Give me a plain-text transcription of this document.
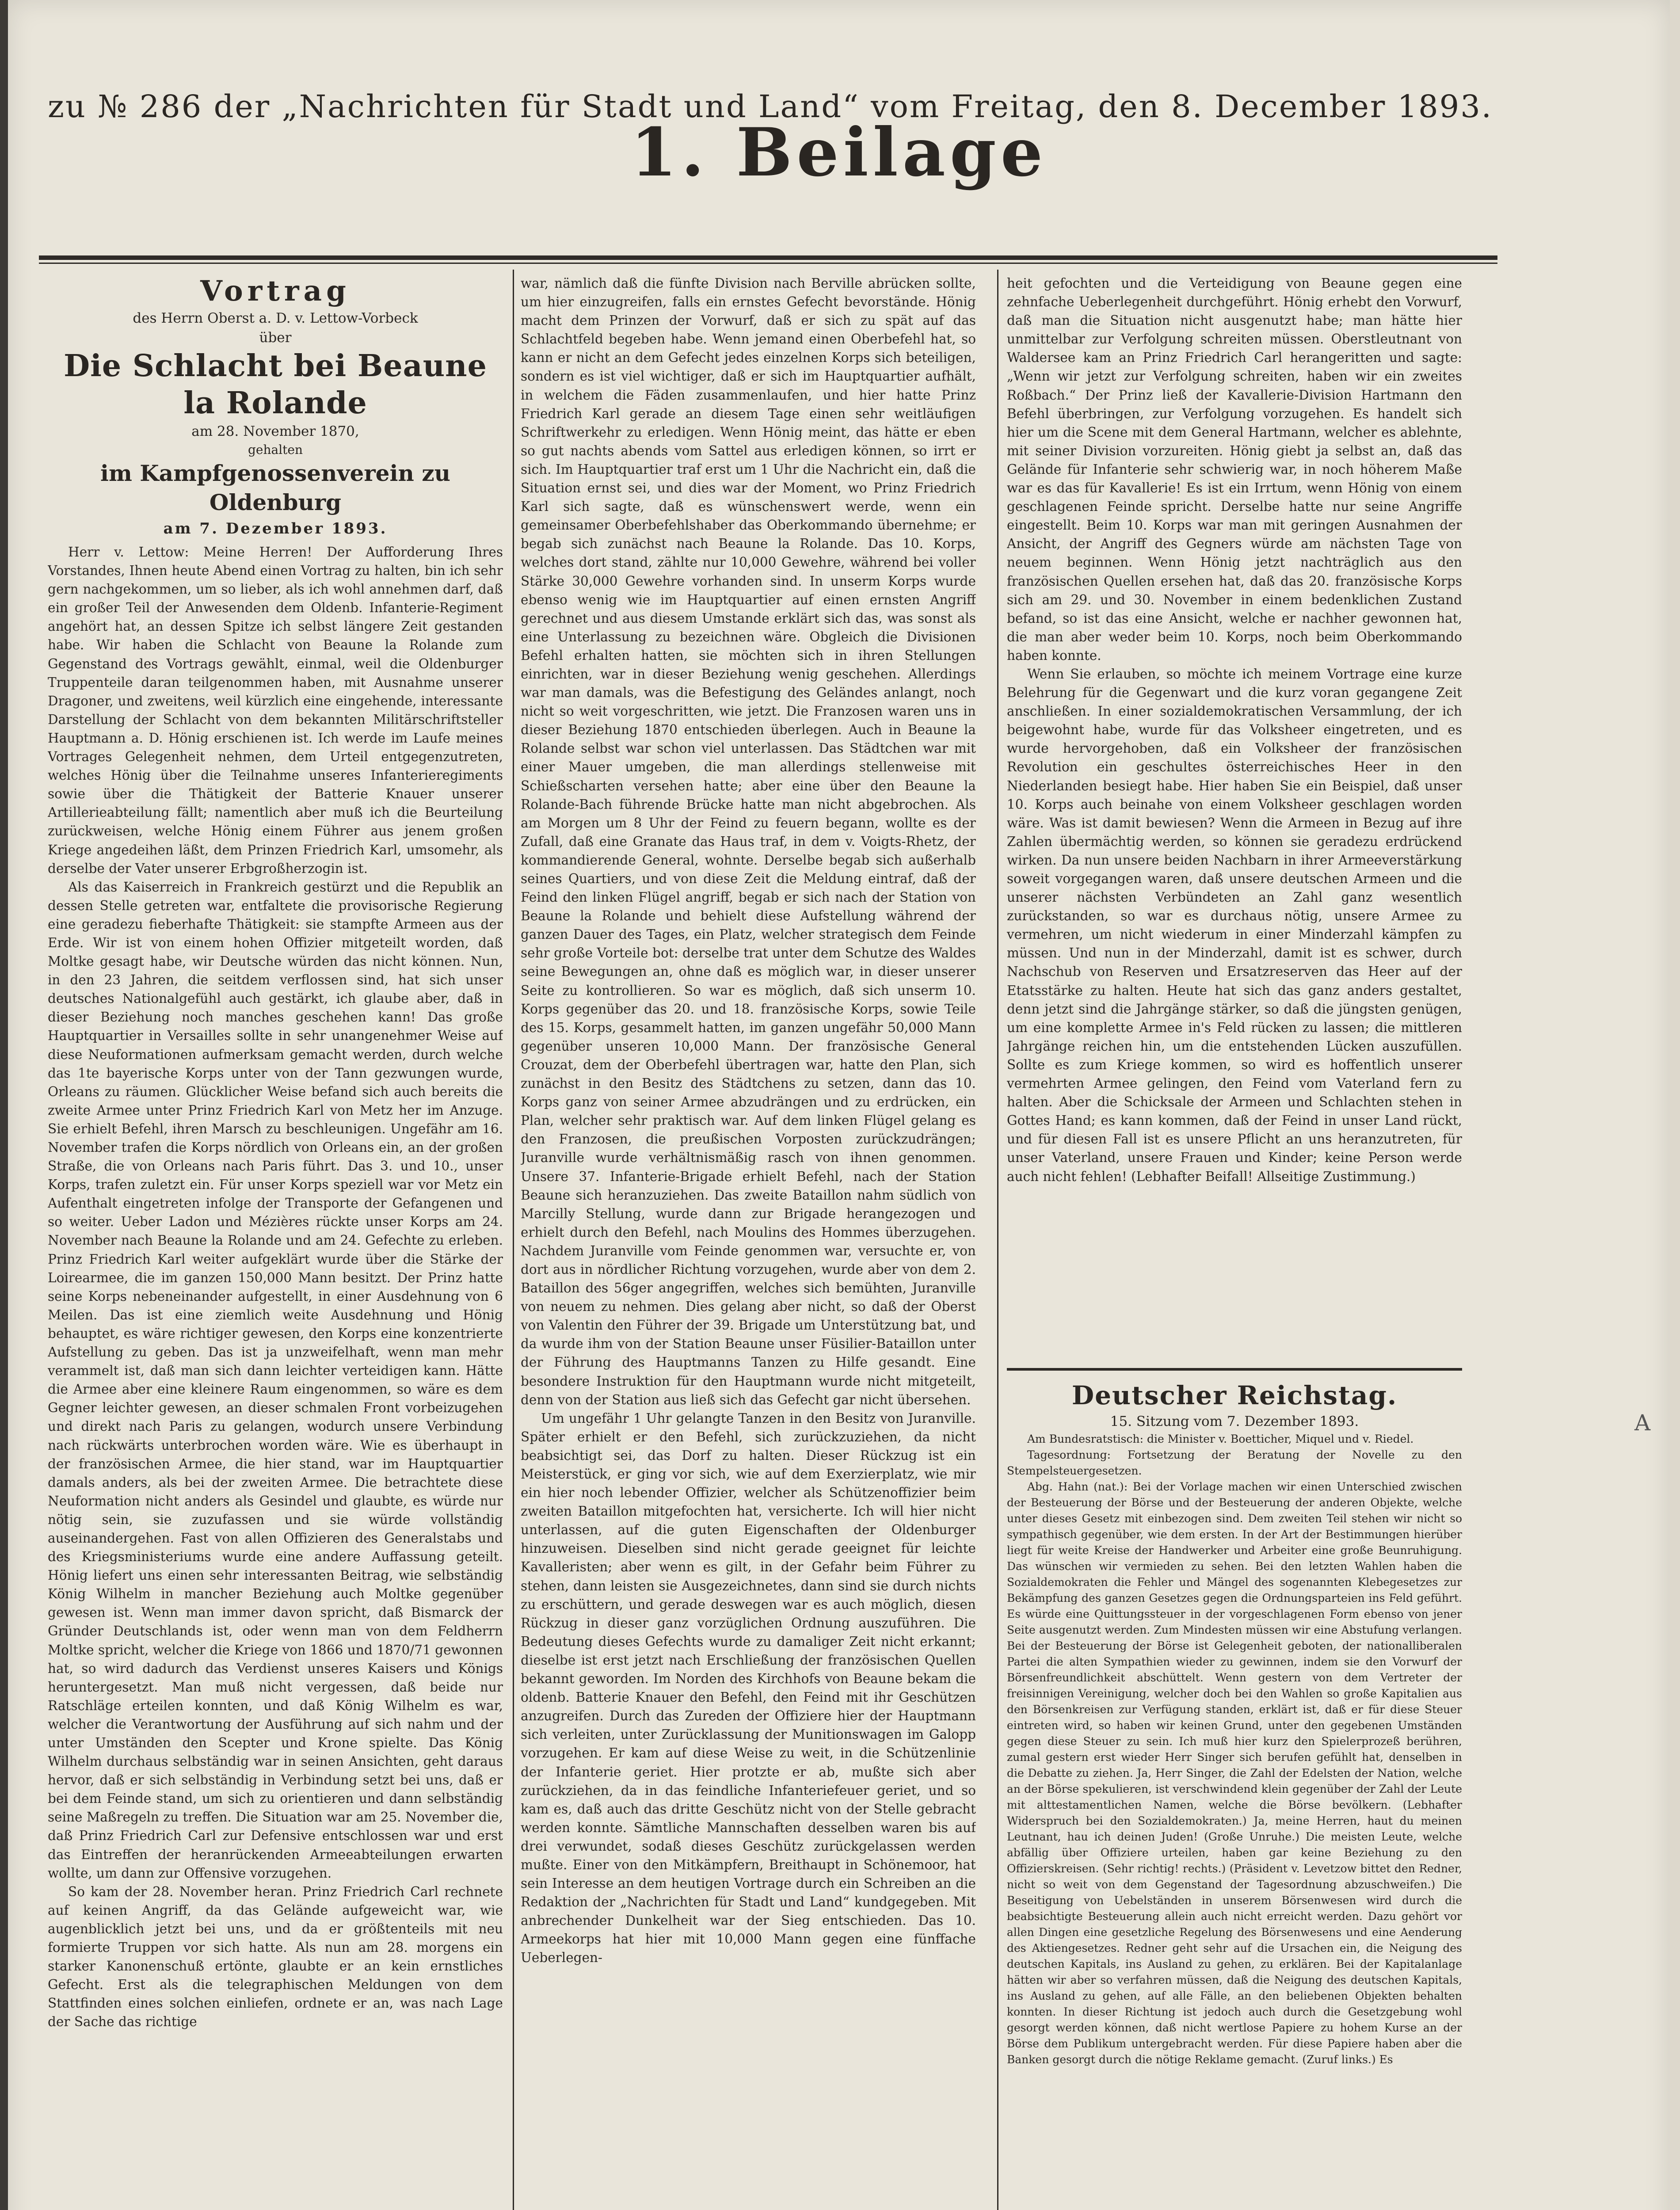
1. Beilage
zu № 286 der „Nachrichten für Stadt und Land“ vom Freitag, den 8. December 1893.
Vortrag
des Herrn Oberst a. D. v. Lettow-Vorbeck
über
Die Schlacht bei Beaune la Rolande
am 28. November 1870,
gehalten
im Kampfgenossenverein zu Oldenburg
am 7. Dezember 1893.

Herr v. Lettow: Meine Herren! Der Aufforderung Ihres Vorstandes, Ihnen heute Abend einen Vortrag zu halten, bin ich sehr gern nachgekommen, um so lieber, als ich wohl annehmen darf, daß ein großer Teil der Anwesenden dem Oldenb. Infanterie-Regiment angehört hat, an dessen Spitze ich selbst längere Zeit gestanden habe. Wir haben die Schlacht von Beaune la Rolande zum Gegenstand des Vortrags gewählt, einmal, weil die Oldenburger Truppenteile daran teilgenommen haben, mit Ausnahme unserer Dragoner, und zweitens, weil kürzlich eine eingehende, interessante Darstellung der Schlacht von dem bekannten Militärschriftsteller Hauptmann a. D. Hönig erschienen ist. Ich werde im Laufe meines Vortrages Gelegenheit nehmen, dem Urteil entgegenzutreten, welches Hönig über die Teilnahme unseres Infanterieregiments sowie über die Thätigkeit der Batterie Knauer unserer Artillerieabteilung fällt; namentlich aber muß ich die Beurteilung zurückweisen, welche Hönig einem Führer aus jenem großen Kriege angedeihen läßt, dem Prinzen Friedrich Karl, umsomehr, als derselbe der Vater unserer Erbgroßherzogin ist.

Als das Kaiserreich in Frankreich gestürzt und die Republik an dessen Stelle getreten war, entfaltete die provisorische Regierung eine geradezu fieberhafte Thätigkeit: sie stampfte Armeen aus der Erde. Wir ist von einem hohen Offizier mitgeteilt worden, daß Moltke gesagt habe, wir Deutsche würden das nicht können. Nun, in den 23 Jahren, die seitdem verflossen sind, hat sich unser deutsches Nationalgefühl auch gestärkt, ich glaube aber, daß in dieser Beziehung noch manches geschehen kann! Das große Hauptquartier in Versailles sollte in sehr unangenehmer Weise auf diese Neuformationen aufmerksam gemacht werden, durch welche das 1te bayerische Korps unter von der Tann gezwungen wurde, Orleans zu räumen. Glücklicher Weise befand sich auch bereits die zweite Armee unter Prinz Friedrich Karl von Metz her im Anzuge. Sie erhielt Befehl, ihren Marsch zu beschleunigen. Ungefähr am 16. November trafen die Korps nördlich von Orleans ein, an der großen Straße, die von Orleans nach Paris führt. Das 3. und 10., unser Korps, trafen zuletzt ein. Für unser Korps speziell war vor Metz ein Aufenthalt eingetreten infolge der Transporte der Gefangenen und so weiter. Ueber Ladon und Mézières rückte unser Korps am 24. November nach Beaune la Rolande und am 24. Gefechte zu erleben. Prinz Friedrich Karl weiter aufgeklärt wurde über die Stärke der Loirearmee, die im ganzen 150,000 Mann besitzt. Der Prinz hatte seine Korps nebeneinander aufgestellt, in einer Ausdehnung von 6 Meilen. Das ist eine ziemlich weite Ausdehnung und Hönig behauptet, es wäre richtiger gewesen, den Korps eine konzentrierte Aufstellung zu geben. Das ist ja unzweifelhaft, wenn man mehr verammelt ist, daß man sich dann leichter verteidigen kann. Hätte die Armee aber eine kleinere Raum eingenommen, so wäre es dem Gegner leichter gewesen, an dieser schmalen Front vorbeizugehen und direkt nach Paris zu gelangen, wodurch unsere Verbindung nach rückwärts unterbrochen worden wäre. Wie es überhaupt in der französischen Armee, die hier stand, war im Hauptquartier damals anders, als bei der zweiten Armee. Die betrachtete diese Neuformation nicht anders als Gesindel und glaubte, es würde nur nötig sein, sie zuzufassen und sie würde vollständig auseinandergehen. Fast von allen Offizieren des Generalstabs und des Kriegsministeriums wurde eine andere Auffassung geteilt. Hönig liefert uns einen sehr interessanten Beitrag, wie selbständig König Wilhelm in mancher Beziehung auch Moltke gegenüber gewesen ist. Wenn man immer davon spricht, daß Bismarck der Gründer Deutschlands ist, oder wenn man von dem Feldherrn Moltke spricht, welcher die Kriege von 1866 und 1870/71 gewonnen hat, so wird dadurch das Verdienst unseres Kaisers und Königs heruntergesetzt. Man muß nicht vergessen, daß beide nur Ratschläge erteilen konnten, und daß König Wilhelm es war, welcher die Verantwortung der Ausführung auf sich nahm und der unter Umständen den Scepter und Krone spielte. Das König Wilhelm durchaus selbständig war in seinen Ansichten, geht daraus hervor, daß er sich selbständig in Verbindung setzt bei uns, daß er bei dem Feinde stand, um sich zu orientieren und dann selbständig seine Maßregeln zu treffen. Die Situation war am 25. November die, daß Prinz Friedrich Carl zur Defensive entschlossen war und erst das Eintreffen der heranrückenden Armeeabteilungen erwarten wollte, um dann zur Offensive vorzugehen.

So kam der 28. November heran. Prinz Friedrich Carl rechnete auf keinen Angriff, da das Gelände aufgeweicht war, wie augenblicklich jetzt bei uns, und da er größtenteils mit neu formierte Truppen vor sich hatte. Als nun am 28. morgens ein starker Kanonenschuß ertönte, glaubte er an kein ernstliches Gefecht. Erst als die telegraphischen Meldungen von dem Stattfinden eines solchen einliefen, ordnete er an, was nach Lage der Sache das richtige

war, nämlich daß die fünfte Division nach Berville abrücken sollte, um hier einzugreifen, falls ein ernstes Gefecht bevorstände. Hönig macht dem Prinzen der Vorwurf, daß er sich zu spät auf das Schlachtfeld begeben habe. Wenn jemand einen Oberbefehl hat, so kann er nicht an dem Gefecht jedes einzelnen Korps sich beteiligen, sondern es ist viel wichtiger, daß er sich im Hauptquartier aufhält, in welchem die Fäden zusammenlaufen, und hier hatte Prinz Friedrich Karl gerade an diesem Tage einen sehr weitläufigen Schriftwerkehr zu erledigen. Wenn Hönig meint, das hätte er eben so gut nachts abends vom Sattel aus erledigen können, so irrt er sich. Im Hauptquartier traf erst um 1 Uhr die Nachricht ein, daß die Situation ernst sei, und dies war der Moment, wo Prinz Friedrich Karl sich sagte, daß es wünschenswert werde, wenn ein gemeinsamer Oberbefehlshaber das Oberkommando übernehme; er begab sich zunächst nach Beaune la Rolande. Das 10. Korps, welches dort stand, zählte nur 10,000 Gewehre, während bei voller Stärke 30,000 Gewehre vorhanden sind. In unserm Korps wurde ebenso wenig wie im Hauptquartier auf einen ernsten Angriff gerechnet und aus diesem Umstande erklärt sich das, was sonst als eine Unterlassung zu bezeichnen wäre. Obgleich die Divisionen Befehl erhalten hatten, sie möchten sich in ihren Stellungen einrichten, war in dieser Beziehung wenig geschehen. Allerdings war man damals, was die Befestigung des Geländes anlangt, noch nicht so weit vorgeschritten, wie jetzt. Die Franzosen waren uns in dieser Beziehung 1870 entschieden überlegen. Auch in Beaune la Rolande selbst war schon viel unterlassen. Das Städtchen war mit einer Mauer umgeben, die man allerdings stellenweise mit Schießscharten versehen hatte; aber eine über den Beaune la Rolande-Bach führende Brücke hatte man nicht abgebrochen. Als am Morgen um 8 Uhr der Feind zu feuern begann, wollte es der Zufall, daß eine Granate das Haus traf, in dem v. Voigts-Rhetz, der kommandierende General, wohnte. Derselbe begab sich außerhalb seines Quartiers, und von diese Zeit die Meldung eintraf, daß der Feind den linken Flügel angriff, begab er sich nach der Station von Beaune la Rolande und behielt diese Aufstellung während der ganzen Dauer des Tages, ein Platz, welcher strategisch dem Feinde sehr große Vorteile bot: derselbe trat unter dem Schutze des Waldes seine Bewegungen an, ohne daß es möglich war, in dieser unserer Seite zu kontrollieren. So war es möglich, daß sich unserm 10. Korps gegenüber das 20. und 18. französische Korps, sowie Teile des 15. Korps, gesammelt hatten, im ganzen ungefähr 50,000 Mann gegenüber unseren 10,000 Mann. Der französische General Crouzat, dem der Oberbefehl übertragen war, hatte den Plan, sich zunächst in den Besitz des Städtchens zu setzen, dann das 10. Korps ganz von seiner Armee abzudrängen und zu erdrücken, ein Plan, welcher sehr praktisch war. Auf dem linken Flügel gelang es den Franzosen, die preußischen Vorposten zurückzudrängen; Juranville wurde verhältnismäßig rasch von ihnen genommen. Unsere 37. Infanterie-Brigade erhielt Befehl, nach der Station Beaune sich heranzuziehen. Das zweite Bataillon nahm südlich von Marcilly Stellung, wurde dann zur Brigade herangezogen und erhielt durch den Befehl, nach Moulins des Hommes überzugehen. Nachdem Juranville vom Feinde genommen war, versuchte er, von dort aus in nördlicher Richtung vorzugehen, wurde aber von dem 2. Bataillon des 56ger angegriffen, welches sich bemühten, Juranville von neuem zu nehmen. Dies gelang aber nicht, so daß der Oberst von Valentin den Führer der 39. Brigade um Unterstützung bat, und da wurde ihm von der Station Beaune unser Füsilier-Bataillon unter der Führung des Hauptmanns Tanzen zu Hilfe gesandt. Eine besondere Instruktion für den Hauptmann wurde nicht mitgeteilt, denn von der Station aus ließ sich das Gefecht gar nicht übersehen.

Um ungefähr 1 Uhr gelangte Tanzen in den Besitz von Juranville. Später erhielt er den Befehl, sich zurückzuziehen, da nicht beabsichtigt sei, das Dorf zu halten. Dieser Rückzug ist ein Meisterstück, er ging vor sich, wie auf dem Exerzierplatz, wie mir ein hier noch lebender Offizier, welcher als Schützenoffizier beim zweiten Bataillon mitgefochten hat, versicherte. Ich will hier nicht unterlassen, auf die guten Eigenschaften der Oldenburger hinzuweisen. Dieselben sind nicht gerade geeignet für leichte Kavalleristen; aber wenn es gilt, in der Gefahr beim Führer zu stehen, dann leisten sie Ausgezeichnetes, dann sind sie durch nichts zu erschüttern, und gerade deswegen war es auch möglich, diesen Rückzug in dieser ganz vorzüglichen Ordnung auszuführen. Die Bedeutung dieses Gefechts wurde zu damaliger Zeit nicht erkannt; dieselbe ist erst jetzt nach Erschließung der französischen Quellen bekannt geworden. Im Norden des Kirchhofs von Beaune bekam die oldenb. Batterie Knauer den Befehl, den Feind mit ihr Geschützen anzugreifen. Durch das Zureden der Offiziere hier der Hauptmann sich verleiten, unter Zurücklassung der Munitionswagen im Galopp vorzugehen. Er kam auf diese Weise zu weit, in die Schützenlinie der Infanterie geriet. Hier protzte er ab, mußte sich aber zurückziehen, da in das feindliche Infanteriefeuer geriet, und so kam es, daß auch das dritte Geschütz nicht von der Stelle gebracht werden konnte. Sämtliche Mannschaften desselben waren bis auf drei verwundet, sodaß dieses Geschütz zurückgelassen werden mußte. Einer von den Mitkämpfern, Breithaupt in Schönemoor, hat sein Interesse an dem heutigen Vortrage durch ein Schreiben an die Redaktion der „Nachrichten für Stadt und Land“ kundgegeben. Mit anbrechender Dunkelheit war der Sieg entschieden. Das 10. Armeekorps hat hier mit 10,000 Mann gegen eine fünffache Ueberlegen-

heit gefochten und die Verteidigung von Beaune gegen eine zehnfache Ueberlegenheit durchgeführt. Hönig erhebt den Vorwurf, daß man die Situation nicht ausgenutzt habe; man hätte hier unmittelbar zur Verfolgung schreiten müssen. Oberstleutnant von Waldersee kam an Prinz Friedrich Carl herangeritten und sagte: „Wenn wir jetzt zur Verfolgung schreiten, haben wir ein zweites Roßbach.“ Der Prinz ließ der Kavallerie-Division Hartmann den Befehl überbringen, zur Verfolgung vorzugehen. Es handelt sich hier um die Scene mit dem General Hartmann, welcher es ablehnte, mit seiner Division vorzureiten. Hönig giebt ja selbst an, daß das Gelände für Infanterie sehr schwierig war, in noch höherem Maße war es das für Kavallerie! Es ist ein Irrtum, wenn Hönig von einem geschlagenen Feinde spricht. Derselbe hatte nur seine Angriffe eingestellt. Beim 10. Korps war man mit geringen Ausnahmen der Ansicht, der Angriff des Gegners würde am nächsten Tage von neuem beginnen. Wenn Hönig jetzt nachträglich aus den französischen Quellen ersehen hat, daß das 20. französische Korps sich am 29. und 30. November in einem bedenklichen Zustand befand, so ist das eine Ansicht, welche er nachher gewonnen hat, die man aber weder beim 10. Korps, noch beim Oberkommando haben konnte.

Wenn Sie erlauben, so möchte ich meinem Vortrage eine kurze Belehrung für die Gegenwart und die kurz voran gegangene Zeit anschließen. In einer sozialdemokratischen Versammlung, der ich beigewohnt habe, wurde für das Volksheer eingetreten, und es wurde hervorgehoben, daß ein Volksheer der französischen Revolution ein geschultes österreichisches Heer in den Niederlanden besiegt habe. Hier haben Sie ein Beispiel, daß unser 10. Korps auch beinahe von einem Volksheer geschlagen worden wäre. Was ist damit bewiesen? Wenn die Armeen in Bezug auf ihre Zahlen übermächtig werden, so können sie geradezu erdrückend wirken. Da nun unsere beiden Nachbarn in ihrer Armeeverstärkung soweit vorgegangen waren, daß unsere deutschen Armeen und die unserer nächsten Verbündeten an Zahl ganz wesentlich zurückstanden, so war es durchaus nötig, unsere Armee zu vermehren, um nicht wiederum in einer Minderzahl kämpfen zu müssen. Und nun in der Minderzahl, damit ist es schwer, durch Nachschub von Reserven und Ersatzreserven das Heer auf der Etatsstärke zu halten. Heute hat sich das ganz anders gestaltet, denn jetzt sind die Jahrgänge stärker, so daß die jüngsten genügen, um eine komplette Armee in's Feld rücken zu lassen; die mittleren Jahrgänge reichen hin, um die entstehenden Lücken auszufüllen. Sollte es zum Kriege kommen, so wird es hoffentlich unserer vermehrten Armee gelingen, den Feind vom Vaterland fern zu halten. Aber die Schicksale der Armeen und Schlachten stehen in Gottes Hand; es kann kommen, daß der Feind in unser Land rückt, und für diesen Fall ist es unsere Pflicht an uns heranzutreten, für unser Vaterland, unsere Frauen und Kinder; keine Person werde auch nicht fehlen! (Lebhafter Beifall! Allseitige Zustimmung.)

Deutscher Reichstag.
15. Sitzung vom 7. Dezember 1893.

Am Bundesratstisch: die Minister v. Boetticher, Miquel und v. Riedel.

Tagesordnung: Fortsetzung der Beratung der Novelle zu den Stempelsteuergesetzen.

Abg. Hahn (nat.): Bei der Vorlage machen wir einen Unterschied zwischen der Besteuerung der Börse und der Besteuerung der anderen Objekte, welche unter dieses Gesetz mit einbezogen sind. Dem zweiten Teil stehen wir nicht so sympathisch gegenüber, wie dem ersten. In der Art der Bestimmungen hierüber liegt für weite Kreise der Handwerker und Arbeiter eine große Beunruhigung. Das wünschen wir vermieden zu sehen. Bei den letzten Wahlen haben die Sozialdemokraten die Fehler und Mängel des sogenannten Klebegesetzes zur Bekämpfung des ganzen Gesetzes gegen die Ordnungsparteien ins Feld geführt. Es würde eine Quittungssteuer in der vorgeschlagenen Form ebenso von jener Seite ausgenutzt werden. Zum Mindesten müssen wir eine Abstufung verlangen. Bei der Besteuerung der Börse ist Gelegenheit geboten, der nationalliberalen Partei die alten Sympathien wieder zu gewinnen, indem sie den Vorwurf der Börsenfreundlichkeit abschüttelt. Wenn gestern von dem Vertreter der freisinnigen Vereinigung, welcher doch bei den Wahlen so große Kapitalien aus den Börsenkreisen zur Verfügung standen, erklärt ist, daß er für diese Steuer eintreten wird, so haben wir keinen Grund, unter den gegebenen Umständen gegen diese Steuer zu sein. Ich muß hier kurz den Spielerprozeß berühren, zumal gestern erst wieder Herr Singer sich berufen gefühlt hat, denselben in die Debatte zu ziehen. Ja, Herr Singer, die Zahl der Edelsten der Nation, welche an der Börse spekulieren, ist verschwindend klein gegenüber der Zahl der Leute mit alttestamentlichen Namen, welche die Börse bevölkern. (Lebhafter Widerspruch bei den Sozialdemokraten.) Ja, meine Herren, haut du meinen Leutnant, hau ich deinen Juden! (Große Unruhe.) Die meisten Leute, welche abfällig über Offiziere urteilen, haben gar keine Beziehung zu den Offizierskreisen. (Sehr richtig! rechts.) (Präsident v. Levetzow bittet den Redner, nicht so weit von dem Gegenstand der Tagesordnung abzuschweifen.) Die Beseitigung von Uebelständen in unserem Börsenwesen wird durch die beabsichtigte Besteuerung allein auch nicht erreicht werden. Dazu gehört vor allen Dingen eine gesetzliche Regelung des Börsenwesens und eine Aenderung des Aktiengesetzes. Redner geht sehr auf die Ursachen ein, die Neigung des deutschen Kapitals, ins Ausland zu gehen, zu erklären. Bei der Kapitalanlage hätten wir aber so verfahren müssen, daß die Neigung des deutschen Kapitals, ins Ausland zu gehen, auf alle Fälle, an den beliebenen Objekten behalten konnten. In dieser Richtung ist jedoch auch durch die Gesetzgebung wohl gesorgt werden können, daß nicht wertlose Papiere zu hohem Kurse an der Börse dem Publikum untergebracht werden. Für diese Papiere haben aber die Banken gesorgt durch die nötige Reklame gemacht. (Zuruf links.) Es

A
